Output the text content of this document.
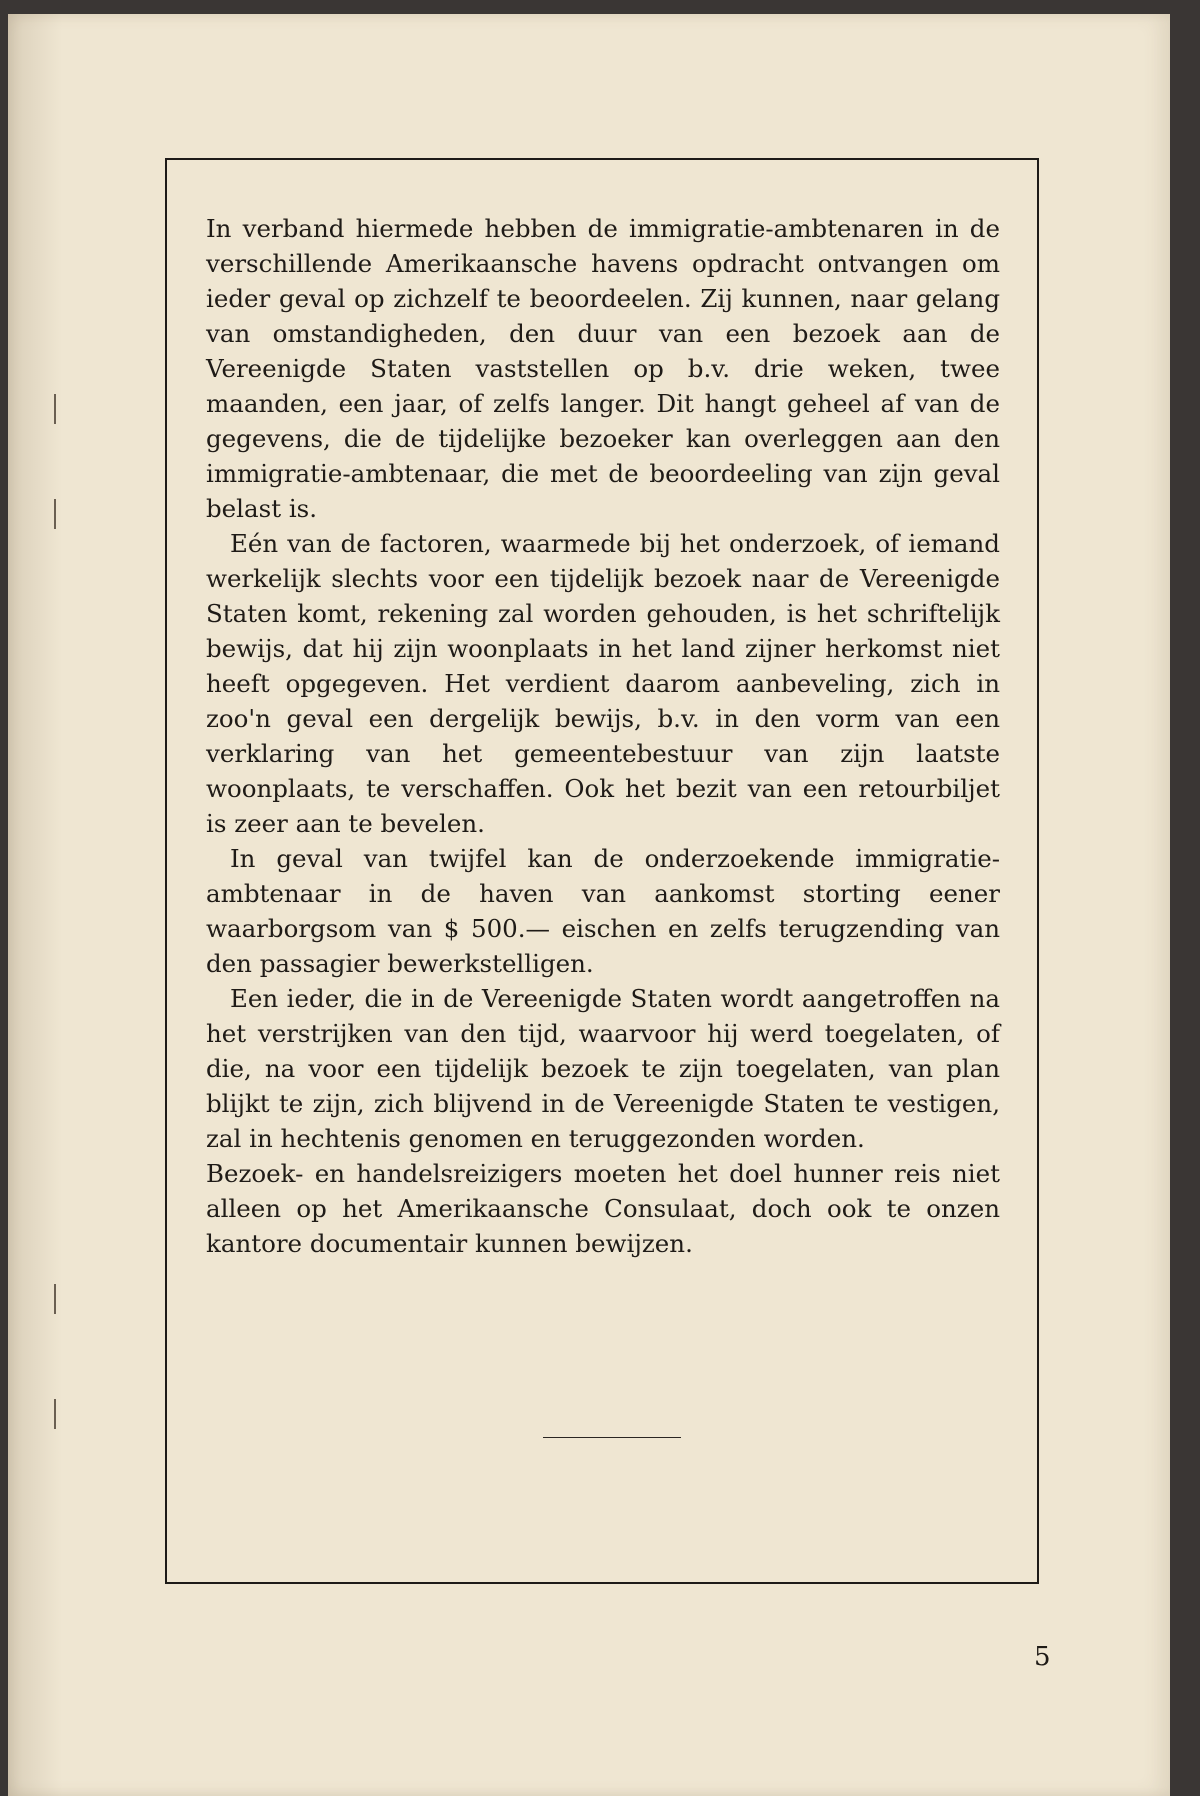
In verband hiermede hebben de immigratie-ambtenaren in de verschillende Amerikaansche havens opdracht ontvangen om ieder geval op zichzelf te beoordeelen. Zij kunnen, naar gelang van omstandigheden, den duur van een bezoek aan de Vereenigde Staten vaststellen op b.v. drie weken, twee maanden, een jaar, of zelfs langer. Dit hangt geheel af van de gegevens, die de tijdelijke bezoeker kan overleggen aan den immigratie-ambtenaar, die met de beoordeeling van zijn geval belast is.

Eén van de factoren, waarmede bij het onderzoek, of iemand werkelijk slechts voor een tijdelijk bezoek naar de Vereenigde Staten komt, rekening zal worden gehouden, is het schriftelijk bewijs, dat hij zijn woonplaats in het land zijner herkomst niet heeft opgegeven. Het verdient daarom aanbeveling, zich in zoo'n geval een dergelijk bewijs, b.v. in den vorm van een verklaring van het gemeentebestuur van zijn laatste woonplaats, te verschaffen. Ook het bezit van een retourbiljet is zeer aan te bevelen.

In geval van twijfel kan de onderzoekende immigratie-ambtenaar in de haven van aankomst storting eener waarborgsom van $ 500.— eischen en zelfs terugzending van den passagier bewerkstelligen.

Een ieder, die in de Vereenigde Staten wordt aangetroffen na het verstrijken van den tijd, waarvoor hij werd toegelaten, of die, na voor een tijdelijk bezoek te zijn toegelaten, van plan blijkt te zijn, zich blijvend in de Vereenigde Staten te vestigen, zal in hechtenis genomen en teruggezonden worden.

Bezoek- en handelsreizigers moeten het doel hunner reis niet alleen op het Amerikaansche Consulaat, doch ook te onzen kantore documentair kunnen bewijzen.

5
